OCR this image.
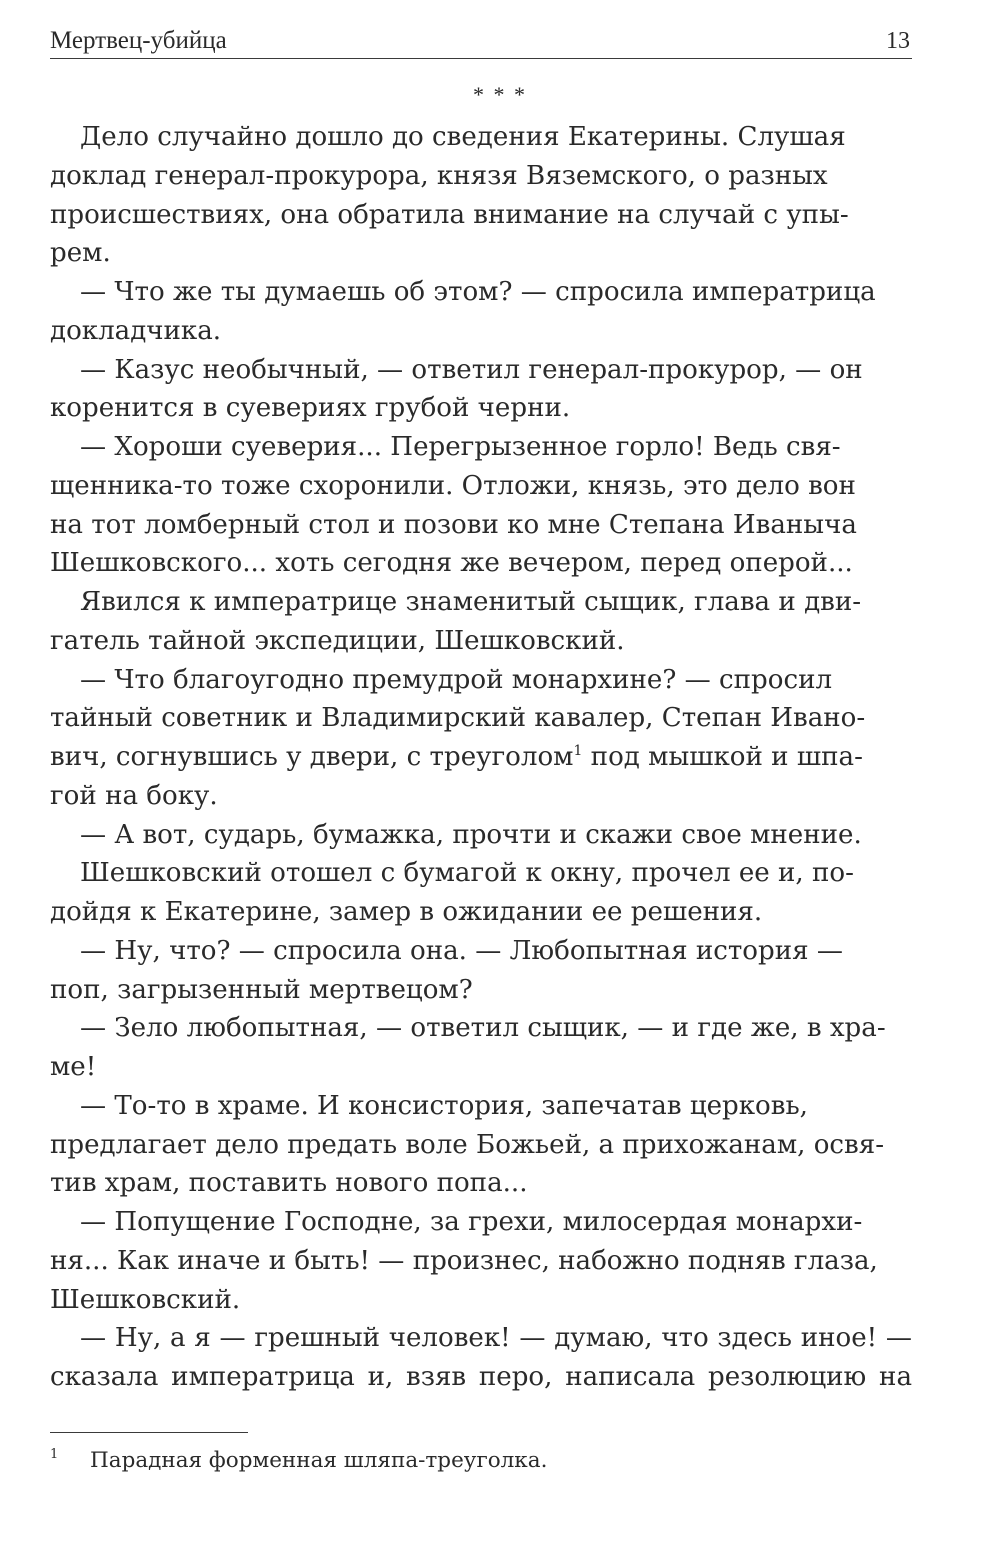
Мертвец-убийца	13
* * *

Дело случайно дошло до сведения Екатерины. Слушая
доклад генерал-прокурора, князя Вяземского, о разных
происшествиях, она обратила внимание на случай с упы-
рем.

— Что же ты думаешь об этом? — спросила императрица
докладчика.

— Казус необычный, — ответил генерал-прокурор, — он
коренится в суевериях грубой черни.

— Хороши суеверия... Перегрызенное горло! Ведь свя-
щенника-то тоже схоронили. Отложи, князь, это дело вон
на тот ломберный стол и позови ко мне Степана Иваныча
Шешковского... хоть сегодня же вечером, перед оперой...

Явился к императрице знаменитый сыщик, глава и дви-
гатель тайной экспедиции, Шешковский.

— Что благоугодно премудрой монархине? — спросил
тайный советник и Владимирский кавалер, Степан Ивано-
вич, согнувшись у двери, с треуголом$^1$ под мышкой и шпа-
гой на боку.

— А вот, сударь, бумажка, прочти и скажи свое мнение.

Шешковский отошел с бумагой к окну, прочел ее и, по-
дойдя к Екатерине, замер в ожидании ее решения.

— Ну, что? — спросила она. — Любопытная история —
поп, загрызенный мертвецом?

— Зело любопытная, — ответил сыщик, — и где же, в хра-
ме!

— То-то в храме. И консистория, запечатав церковь,
предлагает дело предать воле Божьей, а прихожанам, освя-
тив храм, поставить нового попа...

— Попущение Господне, за грехи, милосердая монархи-
ня... Как иначе и быть! — произнес, набожно подняв глаза,
Шешковский.

— Ну, а я — грешный человек! — думаю, что здесь иное! —
сказала императрица и, взяв перо, написала резолюцию на

1 Парадная форменная шляпа-треуголка.
